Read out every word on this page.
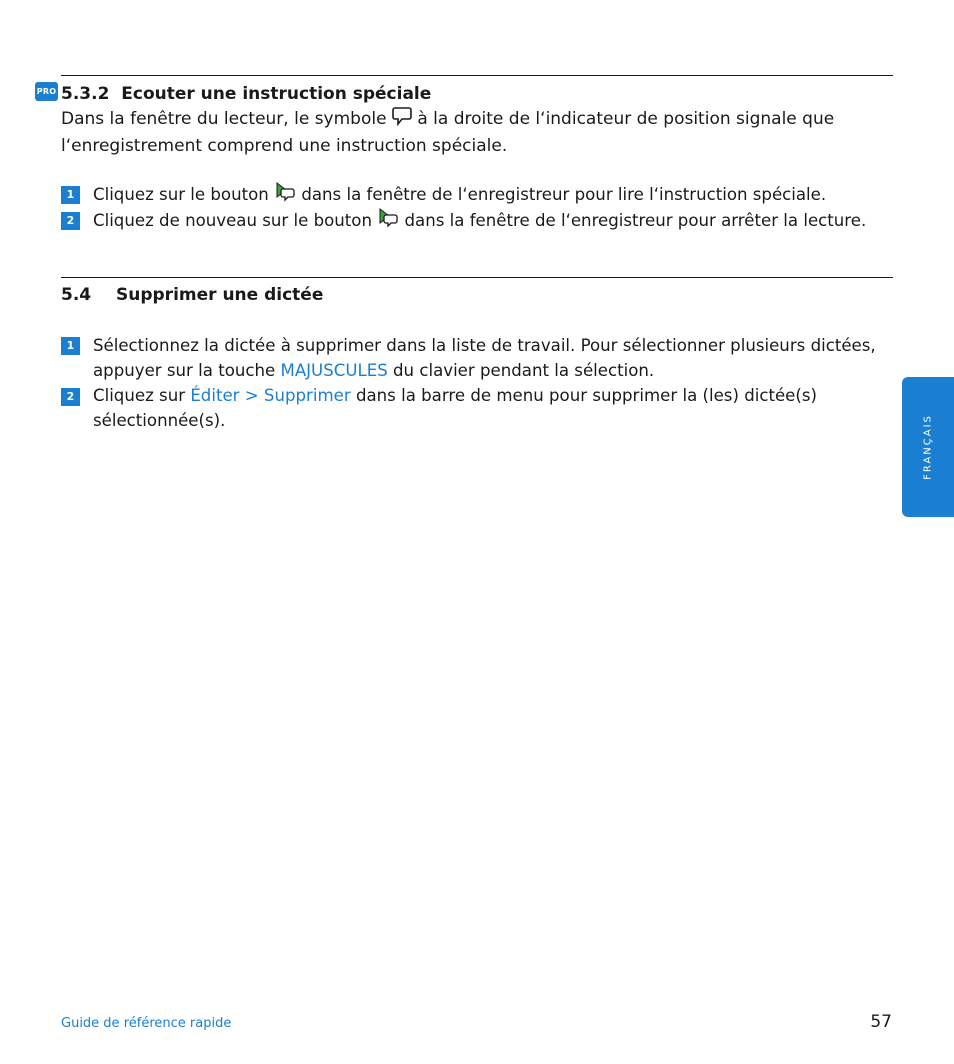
PRO 5.3.2 Ecouter une instruction spéciale
Dans la fenêtre du lecteur, le symbole  à la droite de l‘indicateur de position signale que l‘enregistrement comprend une instruction spéciale.
1	Cliquez sur le bouton  dans la fenêtre de l‘enregistreur pour lire l‘instruction spéciale.
2	Cliquez de nouveau sur le bouton  dans la fenêtre de l‘enregistreur pour arrêter la lecture.
5.4 Supprimer une dictée
1	Sélectionnez la dictée à supprimer dans la liste de travail. Pour sélectionner plusieurs dictées, appuyer sur la touche MAJUSCULES du clavier pendant la sélection.
2	Cliquez sur Éditer > Supprimer dans la barre de menu pour supprimer la (les) dictée(s) sélectionnée(s).	FRANÇAIS
Guide de référence rapide	57
